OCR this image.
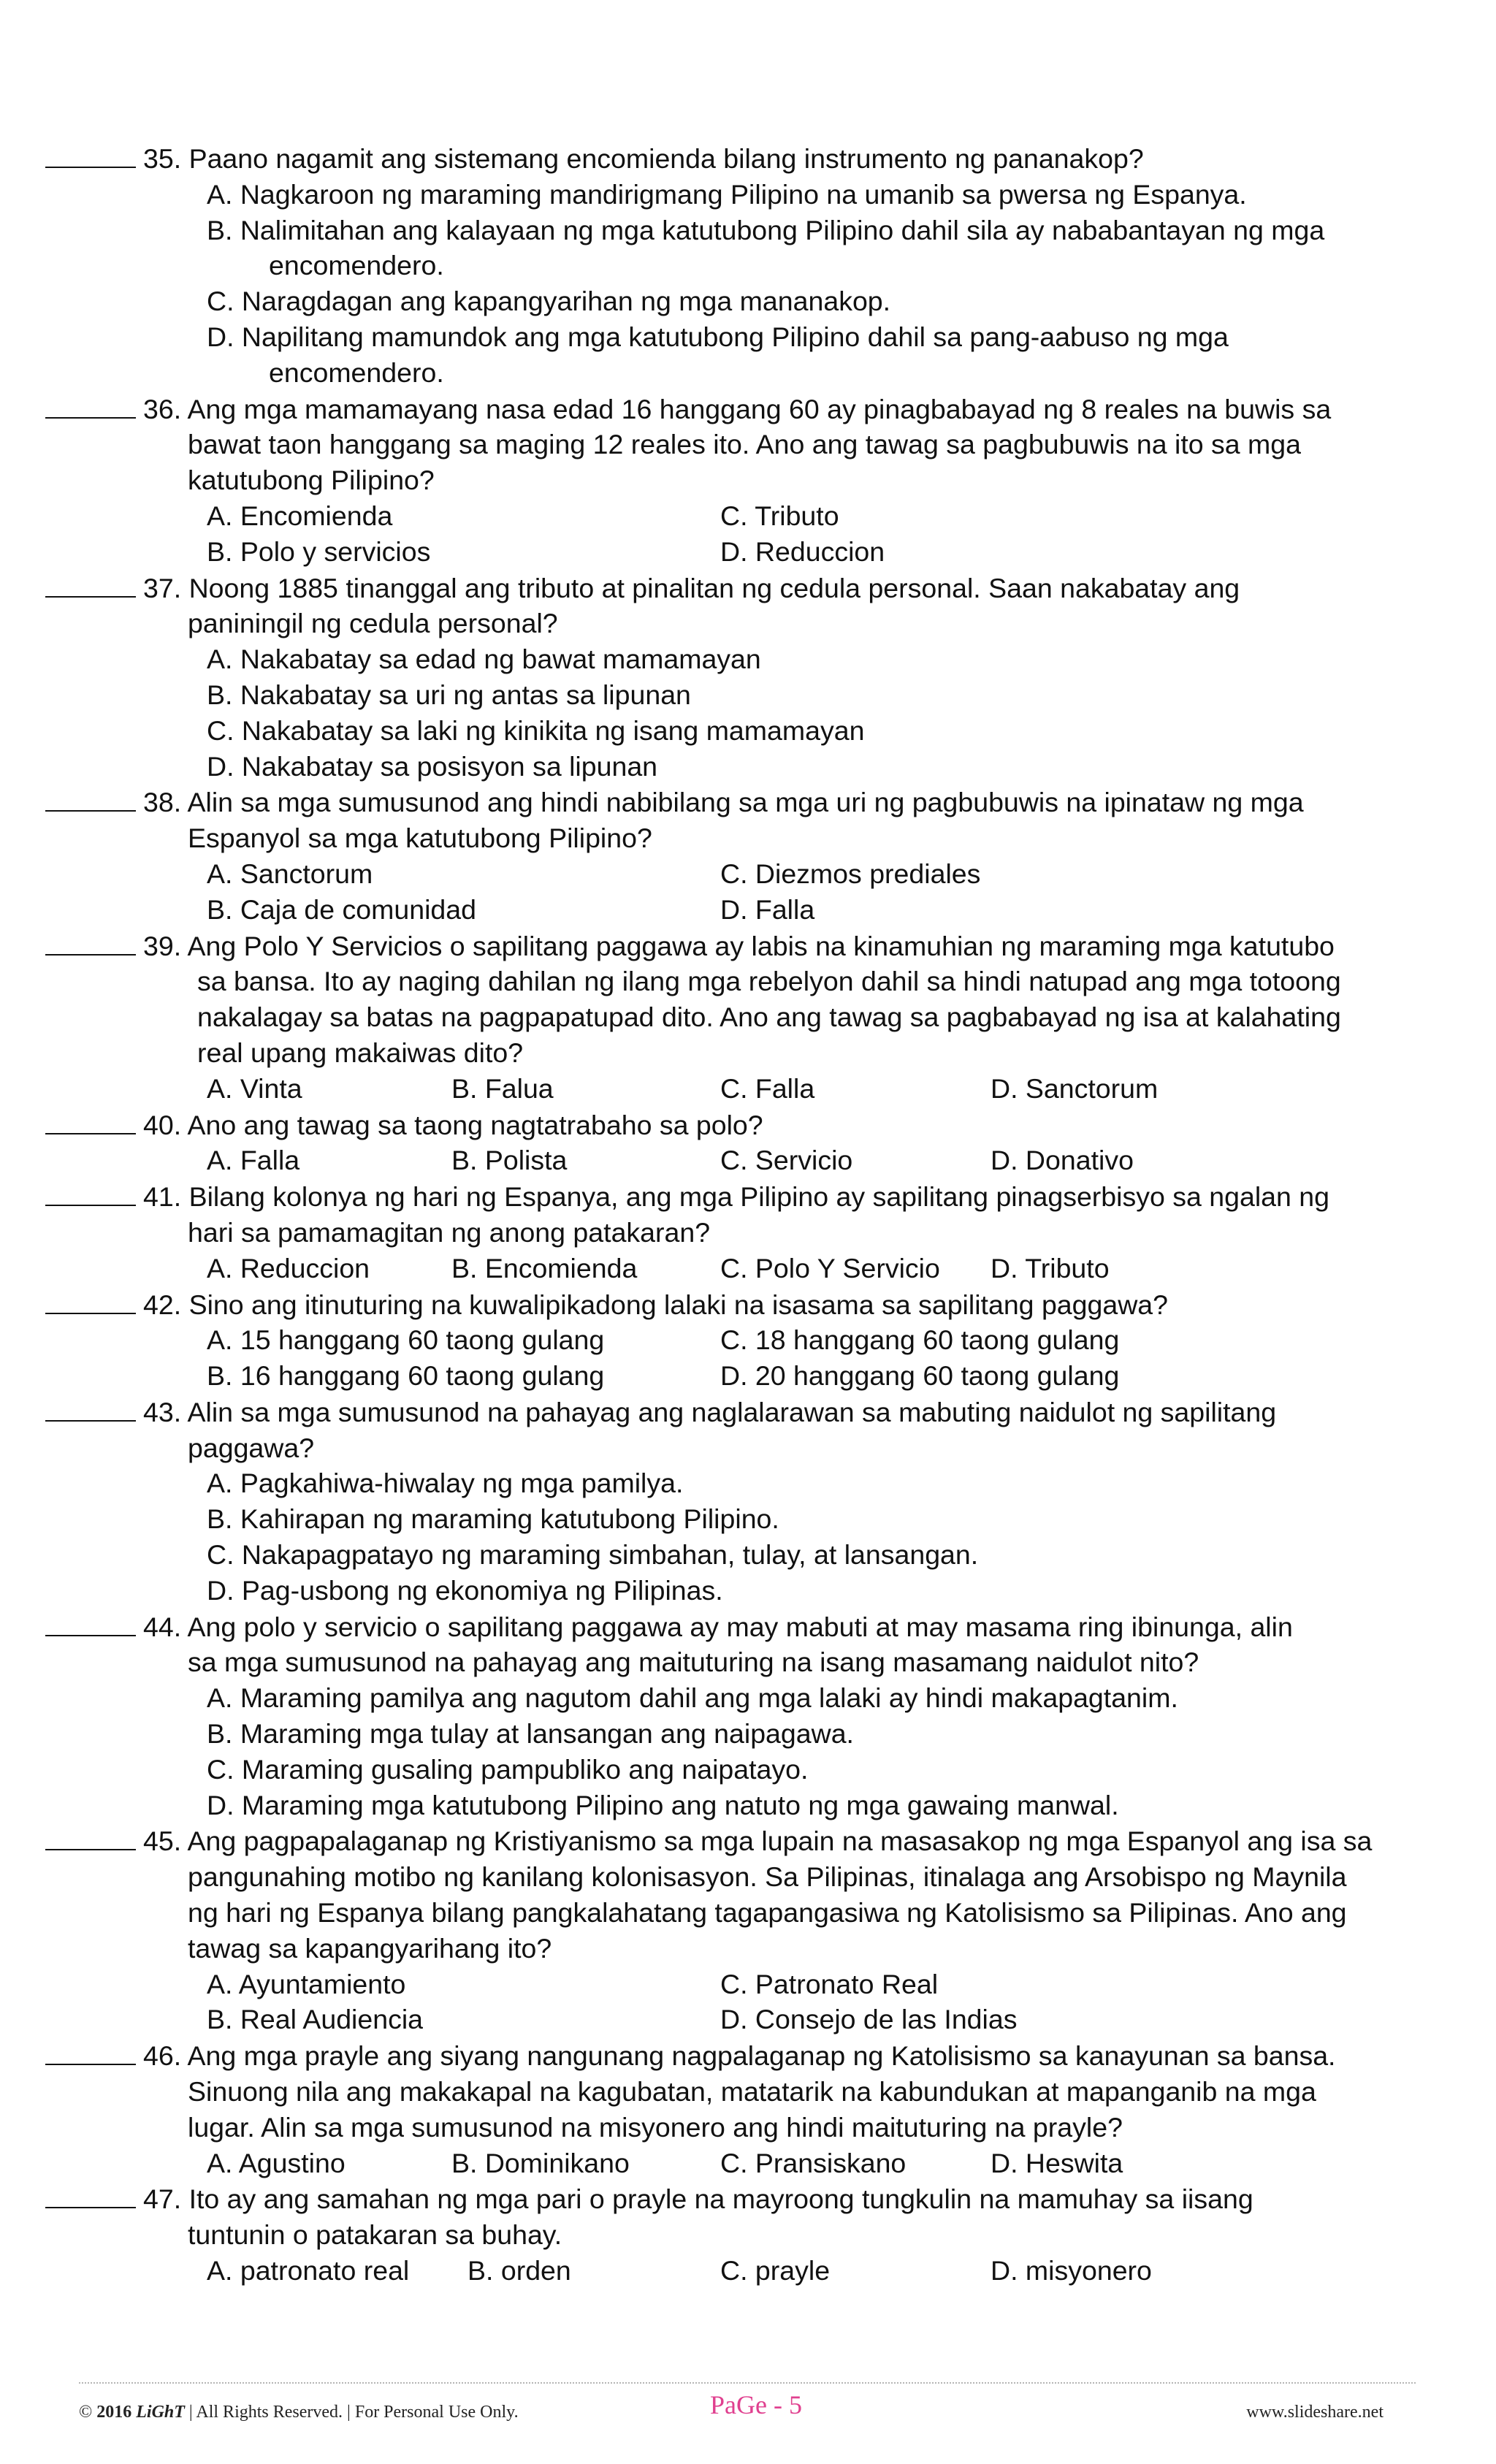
35. Paano nagamit ang sistemang encomienda bilang instrumento ng pananakop?
A. Nagkaroon ng maraming mandirigmang Pilipino na umanib sa pwersa ng Espanya.
B. Nalimitahan ang kalayaan ng mga katutubong Pilipino dahil sila ay nababantayan ng mga
encomendero.
C. Naragdagan ang kapangyarihan ng mga mananakop.
D. Napilitang mamundok ang mga katutubong Pilipino dahil sa pang-aabuso ng mga
encomendero.
36. Ang mga mamamayang nasa edad 16 hanggang 60 ay pinagbabayad ng 8 reales na buwis sa
bawat taon hanggang sa maging 12 reales ito. Ano ang tawag sa pagbubuwis na ito sa mga
katutubong Pilipino?
A. Encomienda	C. Tributo
B. Polo y servicios	D. Reduccion
37. Noong 1885 tinanggal ang tributo at pinalitan ng cedula personal. Saan nakabatay ang
paniningil ng cedula personal?
A. Nakabatay sa edad ng bawat mamamayan
B. Nakabatay sa uri ng antas sa lipunan
C. Nakabatay sa laki ng kinikita ng isang mamamayan
D. Nakabatay sa posisyon sa lipunan
38. Alin sa mga sumusunod ang hindi nabibilang sa mga uri ng pagbubuwis na ipinataw ng mga
Espanyol sa mga katutubong Pilipino?
A. Sanctorum	C. Diezmos prediales
B. Caja de comunidad	D. Falla
39. Ang Polo Y Servicios o sapilitang paggawa ay labis na kinamuhian ng maraming mga katutubo
sa bansa. Ito ay naging dahilan ng ilang mga rebelyon dahil sa hindi natupad ang mga totoong
nakalagay sa batas na pagpapatupad dito. Ano ang tawag sa pagbabayad ng isa at kalahating
real upang makaiwas dito?
A. Vinta	B. Falua	C. Falla	D. Sanctorum
40. Ano ang tawag sa taong nagtatrabaho sa polo?
A. Falla	B. Polista	C. Servicio	D. Donativo
41. Bilang kolonya ng hari ng Espanya, ang mga Pilipino ay sapilitang pinagserbisyo sa ngalan ng
hari sa pamamagitan ng anong patakaran?
A. Reduccion	B. Encomienda	C. Polo Y Servicio D. Tributo
42. Sino ang itinuturing na kuwalipikadong lalaki na isasama sa sapilitang paggawa?
A. 15 hanggang 60 taong gulang	C. 18 hanggang 60 taong gulang
B. 16 hanggang 60 taong gulang	D. 20 hanggang 60 taong gulang
43. Alin sa mga sumusunod na pahayag ang naglalarawan sa mabuting naidulot ng sapilitang
paggawa?
A. Pagkahiwa-hiwalay ng mga pamilya.
B. Kahirapan ng maraming katutubong Pilipino.
C. Nakapagpatayo ng maraming simbahan, tulay, at lansangan.
D. Pag-usbong ng ekonomiya ng Pilipinas.
44. Ang polo y servicio o sapilitang paggawa ay may mabuti at may masama ring ibinunga, alin
sa mga sumusunod na pahayag ang maituturing na isang masamang naidulot nito?
A. Maraming pamilya ang nagutom dahil ang mga lalaki ay hindi makapagtanim.
B. Maraming mga tulay at lansangan ang naipagawa.
C. Maraming gusaling pampubliko ang naipatayo.
D. Maraming mga katutubong Pilipino ang natuto ng mga gawaing manwal.
45. Ang pagpapalaganap ng Kristiyanismo sa mga lupain na masasakop ng mga Espanyol ang isa sa
pangunahing motibo ng kanilang kolonisasyon. Sa Pilipinas, itinalaga ang Arsobispo ng Maynila
ng hari ng Espanya bilang pangkalahatang tagapangasiwa ng Katolisismo sa Pilipinas. Ano ang
tawag sa kapangyarihang ito?
A. Ayuntamiento	C. Patronato Real
B. Real Audiencia	D. Consejo de las Indias
46. Ang mga prayle ang siyang nangunang nagpalaganap ng Katolisismo sa kanayunan sa bansa.
Sinuong nila ang makakapal na kagubatan, matatarik na kabundukan at mapanganib na mga
lugar. Alin sa mga sumusunod na misyonero ang hindi maituturing na prayle?
A. Agustino	B. Dominikano	C. Pransiskano	D. Heswita
47. Ito ay ang samahan ng mga pari o prayle na mayroong tungkulin na mamuhay sa iisang
tuntunin o patakaran sa buhay.
A. patronato real B. orden	C. prayle	D. misyonero
© 2016 LiGhT | All Rights Reserved. | For Personal Use Only.	PaGe - 5	www.slideshare.net
